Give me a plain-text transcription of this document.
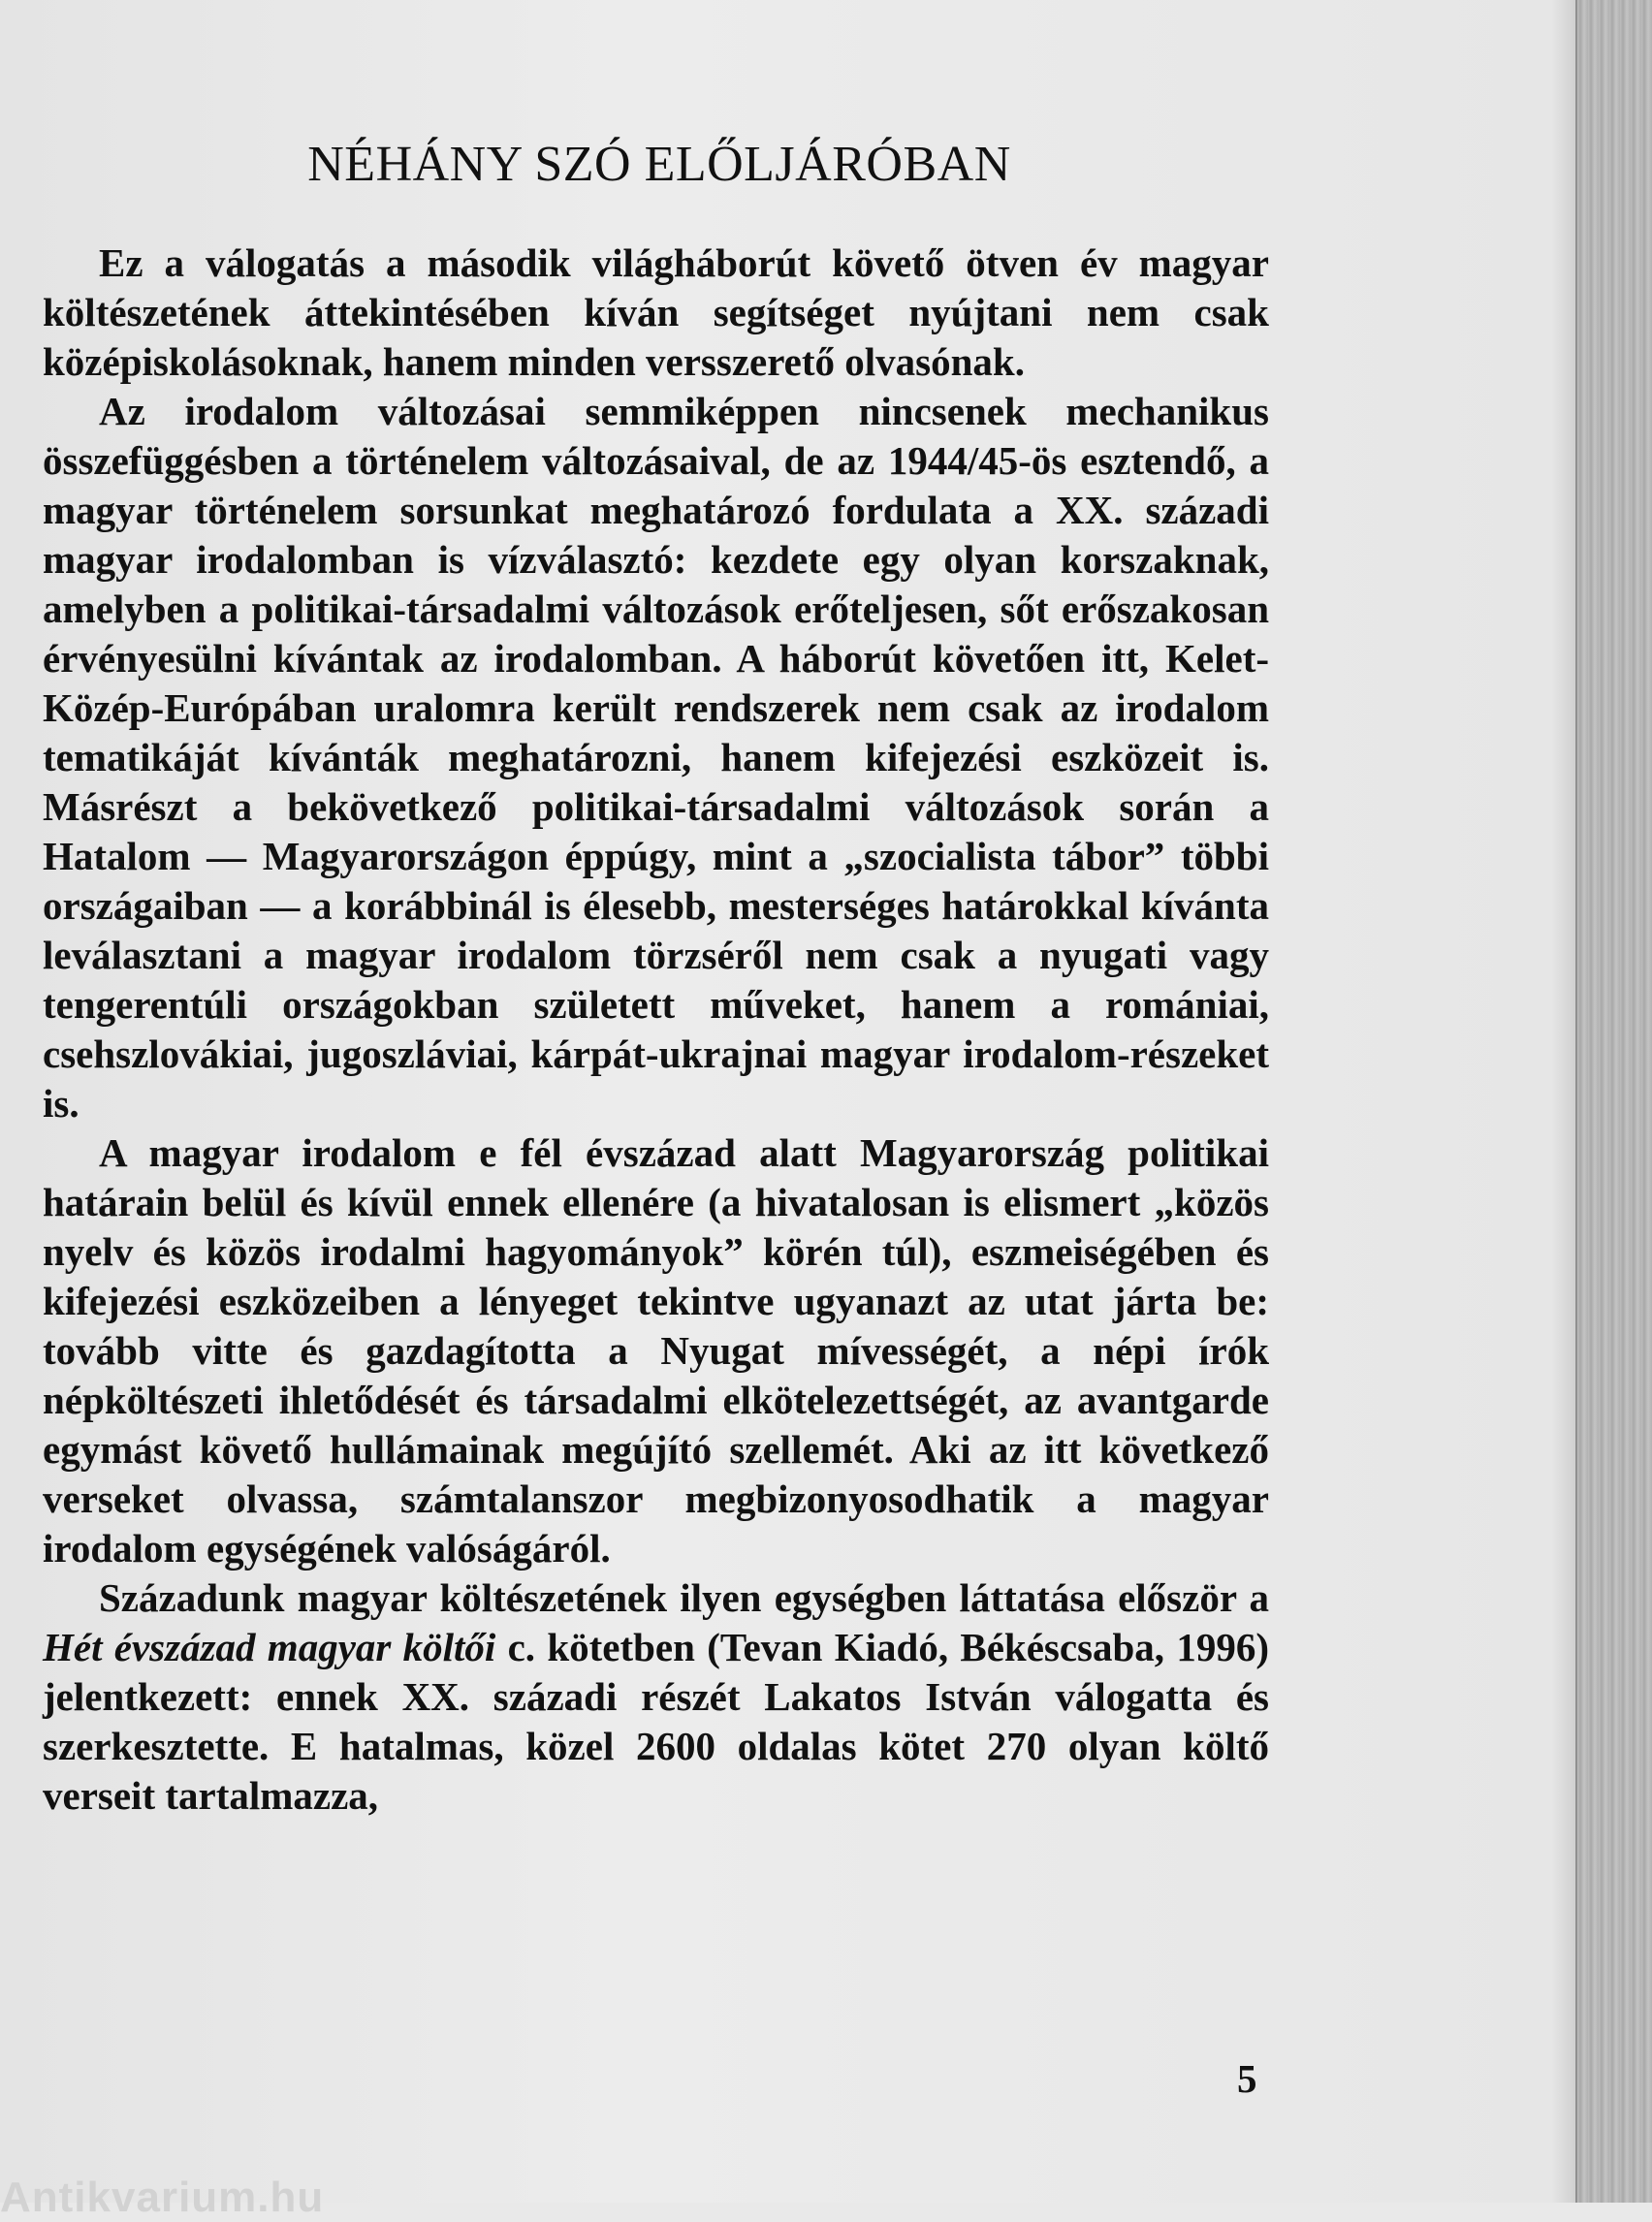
NÉHÁNY SZÓ ELŐLJÁRÓBAN

Ez a válogatás a második világháborút követő ötven év magyar költészetének áttekintésében kíván segítséget nyújtani nem csak középiskolásoknak, hanem minden versszerető olvasónak.

Az irodalom változásai semmiképpen nincsenek mechanikus összefüggésben a történelem változásaival, de az 1944/45-ös esztendő, a magyar történelem sorsunkat meghatározó fordulata a XX. századi magyar irodalomban is vízválasztó: kezdete egy olyan korszaknak, amelyben a politikai-társadalmi változások erőteljesen, sőt erőszakosan érvényesülni kívántak az irodalomban. A háborút követően itt, Kelet-Közép-Európában uralomra került rendszerek nem csak az irodalom tematikáját kívánták meghatározni, hanem kifejezési eszközeit is. Másrészt a bekövetkező politikai-társadalmi változások során a Hatalom — Magyarországon éppúgy, mint a „szocialista tábor” többi országaiban — a korábbinál is élesebb, mesterséges határokkal kívánta leválasztani a magyar irodalom törzséről nem csak a nyugati vagy tengerentúli országokban született műveket, hanem a romániai, csehszlovákiai, jugoszláviai, kárpát-ukrajnai magyar irodalom-részeket is.

A magyar irodalom e fél évszázad alatt Magyarország politikai határain belül és kívül ennek ellenére (a hivatalosan is elismert „közös nyelv és közös irodalmi hagyományok” körén túl), eszmeiségében és kifejezési eszközeiben a lényeget tekintve ugyanazt az utat járta be: tovább vitte és gazdagította a Nyugat mívességét, a népi írók népköltészeti ihletődését és társadalmi elkötelezettségét, az avantgarde egymást követő hullámainak megújító szellemét. Aki az itt következő verseket olvassa, számtalanszor megbizonyosodhatik a magyar irodalom egységének valóságáról.

Századunk magyar költészetének ilyen egységben láttatása először a Hét évszázad magyar költői c. kötetben (Tevan Kiadó, Békéscsaba, 1996) jelentkezett: ennek XX. századi részét Lakatos István válogatta és szerkesztette. E hatalmas, közel 2600 oldalas kötet 270 olyan költő verseit tartalmazza,

5
Antikvarium.hu
